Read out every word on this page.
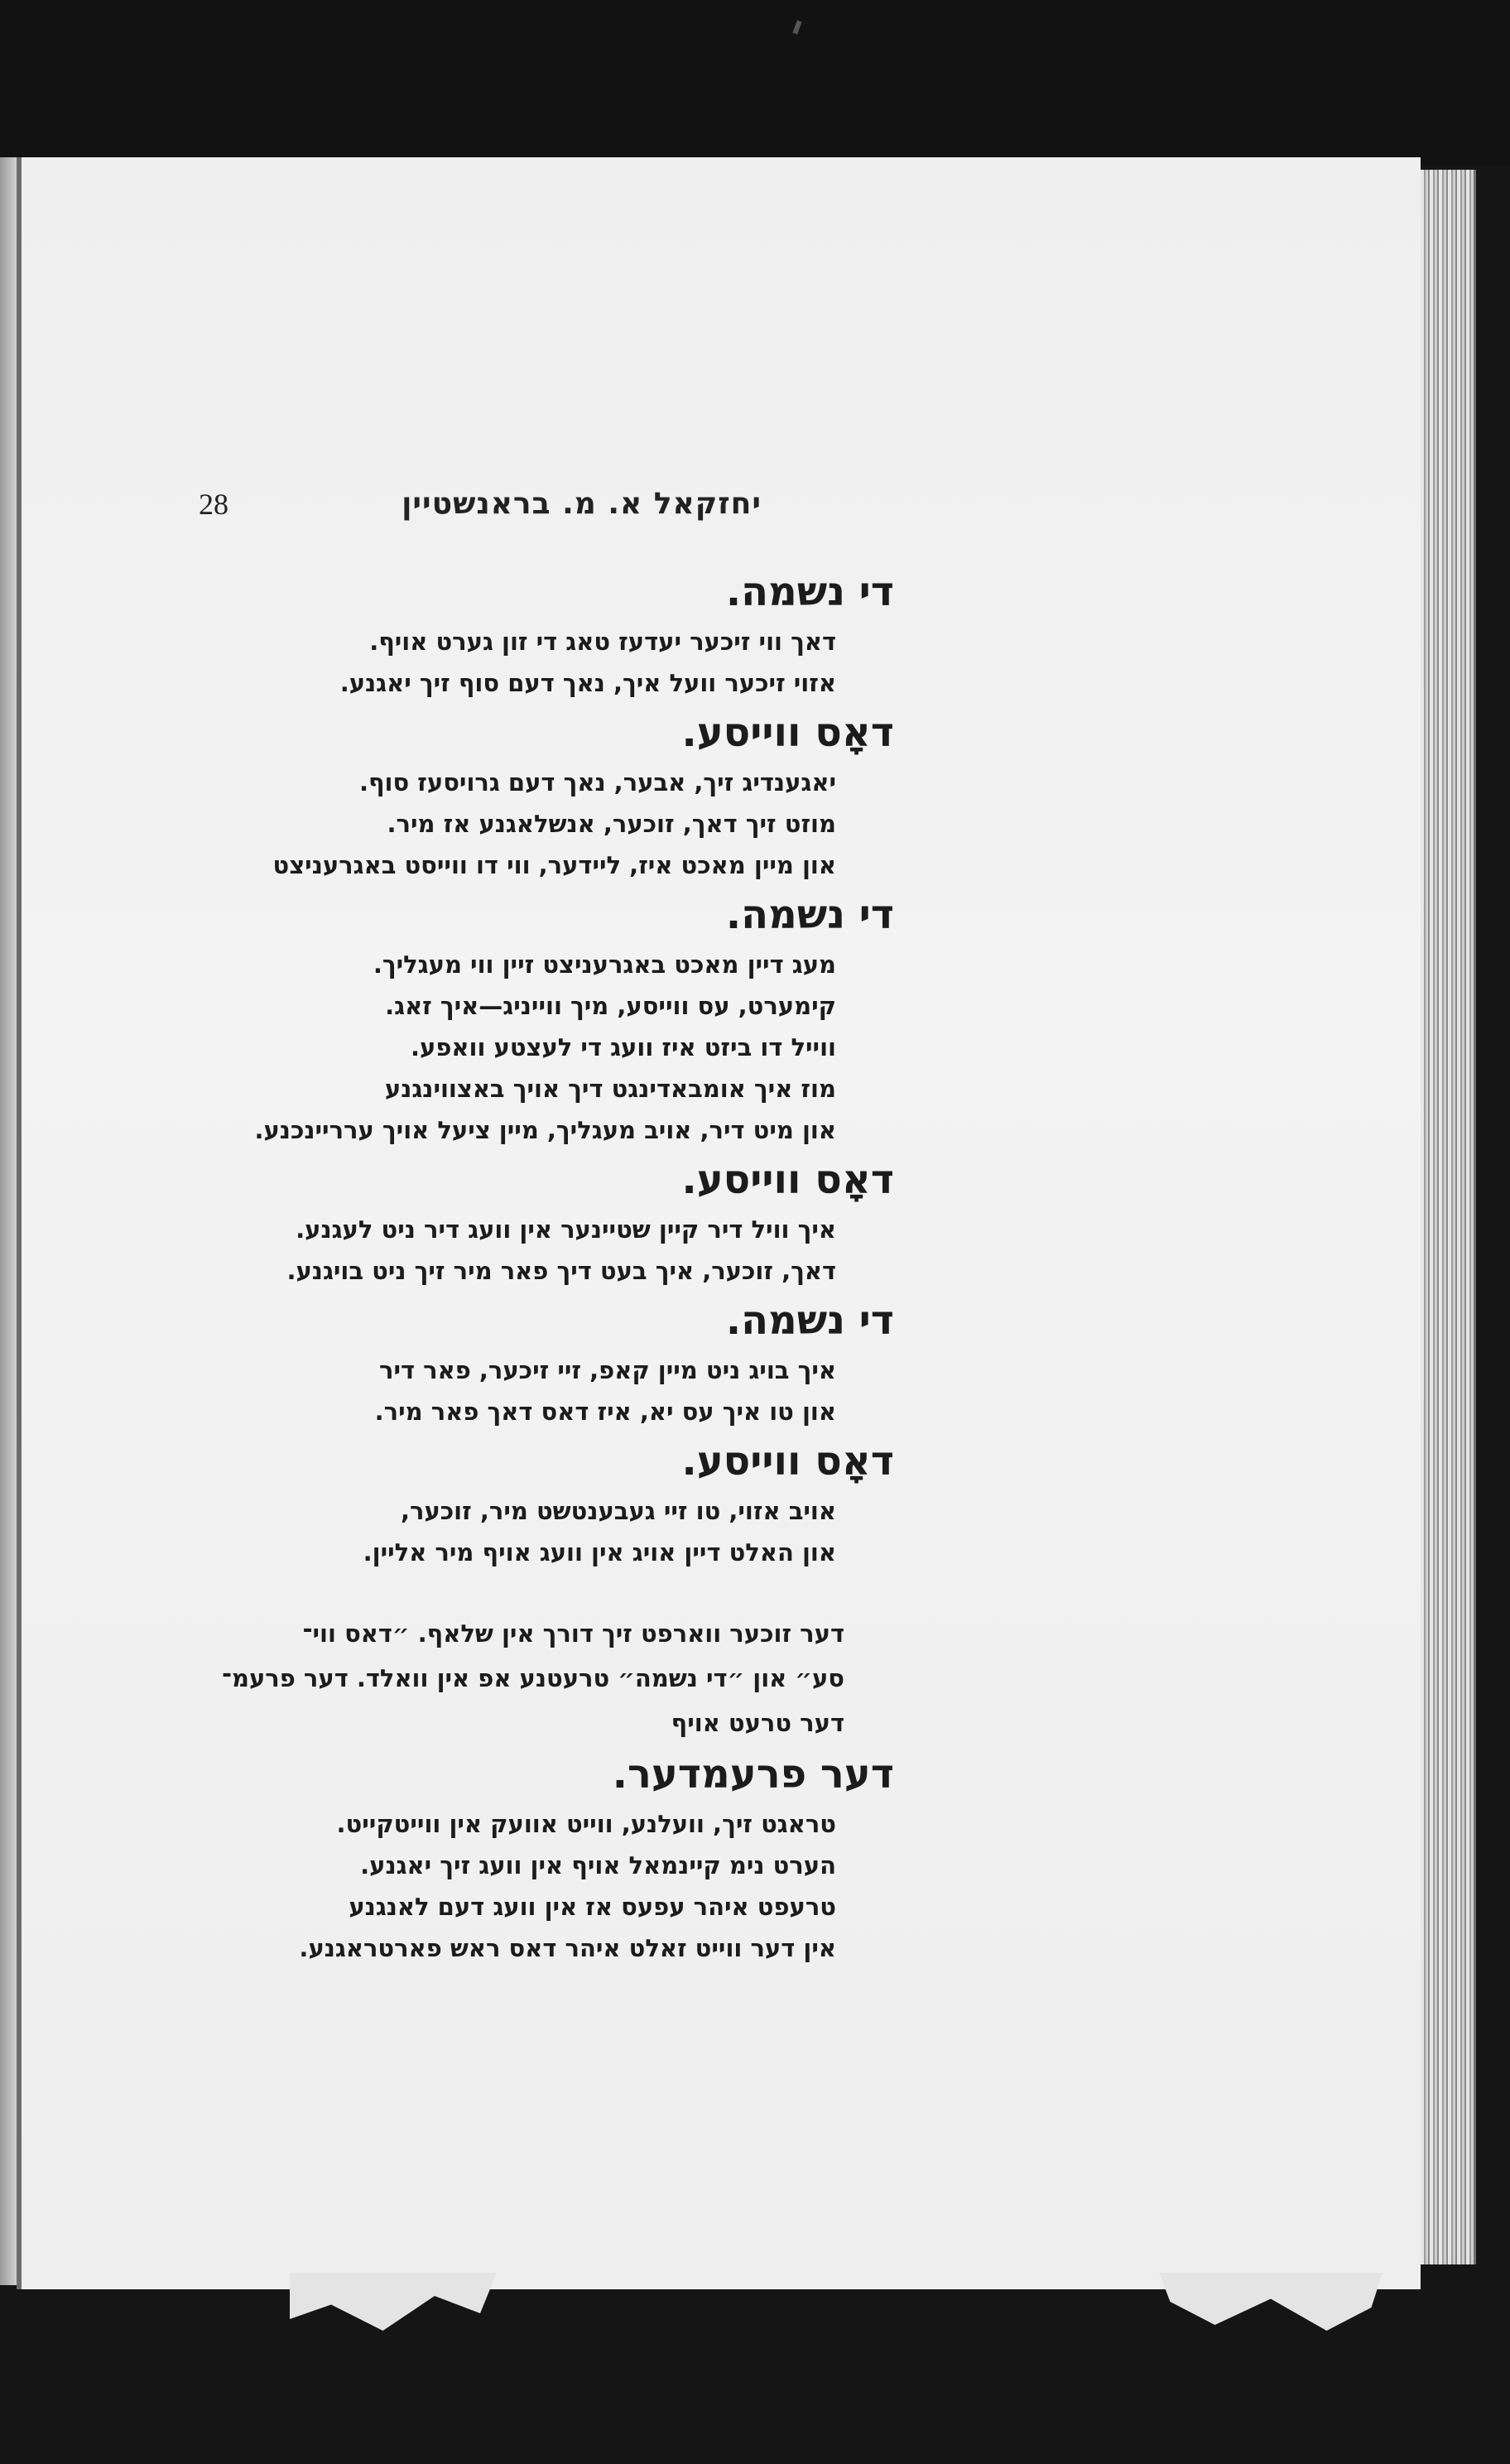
28	יחזקאל א. מ. בראנשטיין

די נשמה.

דאך ווי זיכער יעדעז טאג די זון גערט אויף.

אזוי זיכער וועל איך, נאך דעם סוף זיך יאגנע.

דאָס ווייסע.

יאגענדיג זיך, אבער, נאך דעם גרויסעז סוף.

מוזט זיך דאך, זוכער, אנשלאגנע אז מיר.

און מיין מאכט איז, ליידער, ווי דו ווייסט באגרעניצט

די נשמה.

מעג דיין מאכט באגרעניצט זיין ווי מעגליך.

קימערט, עס ווייסע, מיך ווייניג—איך זאג.

ווייל דו ביזט איז וועג די לעצטע וואפע.

מוז איך אומבאדינגט דיך אויך באצווינגנע

און מיט דיר, אויב מעגליך, מיין ציעל אויך ערריינכנע.

דאָס ווייסע.

איך וויל דיר קיין שטיינער אין וועג דיר ניט לעגנע.

דאך, זוכער, איך בעט דיך פאר מיר זיך ניט בויגנע.

די נשמה.

איך בויג ניט מיין קאפ, זיי זיכער, פאר דיר

און טו איך עס יא, איז דאס דאך פאר מיר.

דאָס ווייסע.

אויב אזוי, טו זיי געבענטשט מיר, זוכער,

און האלט דיין אויג אין וועג אויף מיר אליין.

דער זוכער ווארפט זיך דורך אין שלאף. ״דאס ווי־

סע״ און ״די נשמה״ טרעטנע אפ אין וואלד. דער פרעמ־

דער טרעט אויף

דער פרעמדער.

טראגט זיך, וועלנע, ווייט אוועק אין ווייטקייט.

הערט נימ קיינמאל אויף אין וועג זיך יאגנע.

טרעפט איהר עפעס אז אין וועג דעם לאנגנע

אין דער ווייט זאלט איהר דאס ראש פארטראגנע.
